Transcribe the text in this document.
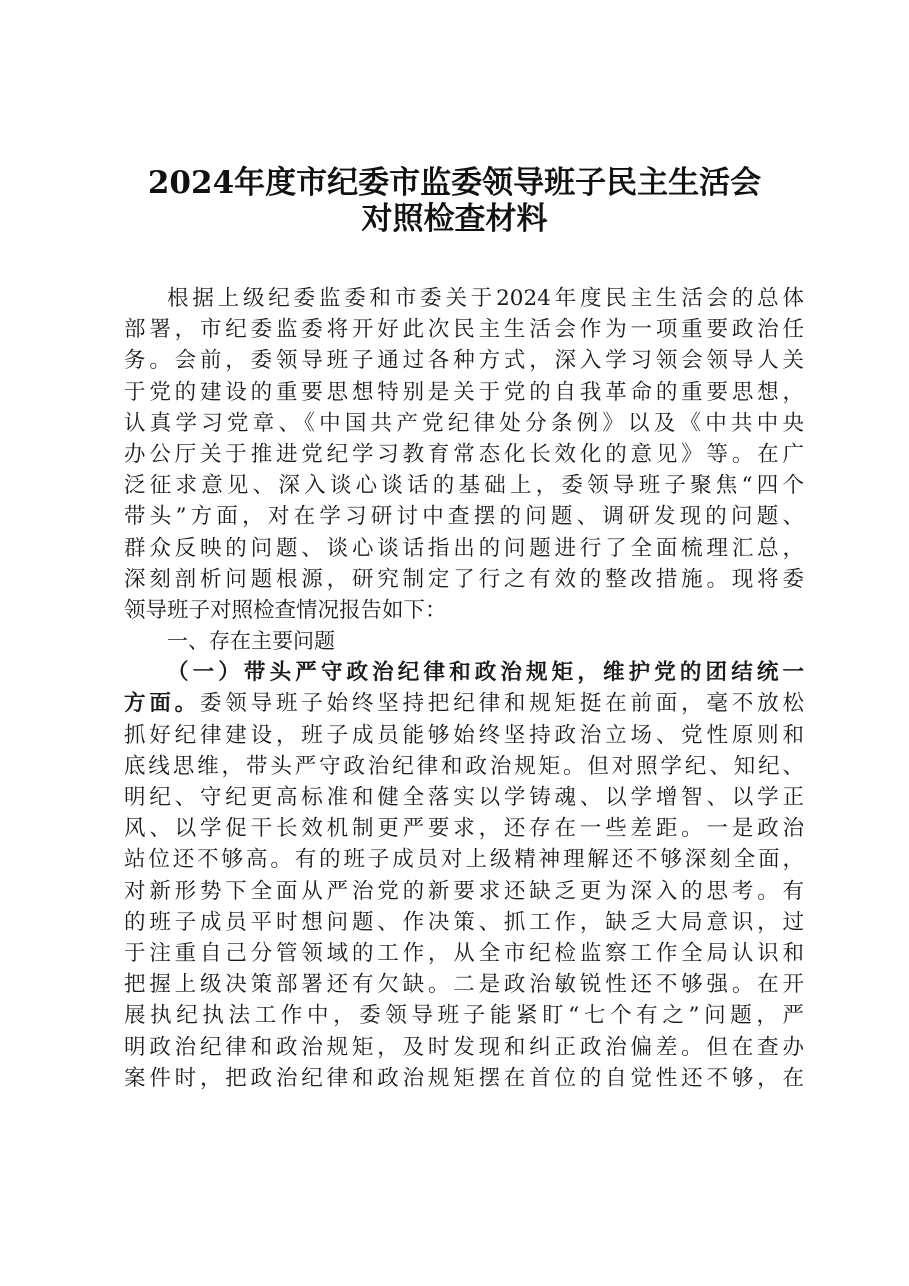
2024年度市纪委市监委领导班子民主生活会
对照检查材料
根据上级纪委监委和市委关于2024年度民主生活会的总体
部署，市纪委监委将开好此次民主生活会作为一项重要政治任
务。会前，委领导班子通过各种方式，深入学习领会领导人关
于党的建设的重要思想特别是关于党的自我革命的重要思想，
认真学习党章、《中国共产党纪律处分条例》以及《中共中央
办公厅关于推进党纪学习教育常态化长效化的意见》等。在广
泛征求意见、深入谈心谈话的基础上，委领导班子聚焦“四个
带头”方面，对在学习研讨中查摆的问题、调研发现的问题、
群众反映的问题、谈心谈话指出的问题进行了全面梳理汇总，
深刻剖析问题根源，研究制定了行之有效的整改措施。现将委
领导班子对照检查情况报告如下：
一、存在主要问题
（一）带头严守政治纪律和政治规矩，维护党的团结统一
方面。委领导班子始终坚持把纪律和规矩挺在前面，毫不放松
抓好纪律建设，班子成员能够始终坚持政治立场、党性原则和
底线思维，带头严守政治纪律和政治规矩。但对照学纪、知纪、
明纪、守纪更高标准和健全落实以学铸魂、以学增智、以学正
风、以学促干长效机制更严要求，还存在一些差距。一是政治
站位还不够高。有的班子成员对上级精神理解还不够深刻全面，
对新形势下全面从严治党的新要求还缺乏更为深入的思考。有
的班子成员平时想问题、作决策、抓工作，缺乏大局意识，过
于注重自己分管领域的工作，从全市纪检监察工作全局认识和
把握上级决策部署还有欠缺。二是政治敏锐性还不够强。在开
展执纪执法工作中，委领导班子能紧盯“七个有之”问题，严
明政治纪律和政治规矩，及时发现和纠正政治偏差。但在查办
案件时，把政治纪律和政治规矩摆在首位的自觉性还不够，在
